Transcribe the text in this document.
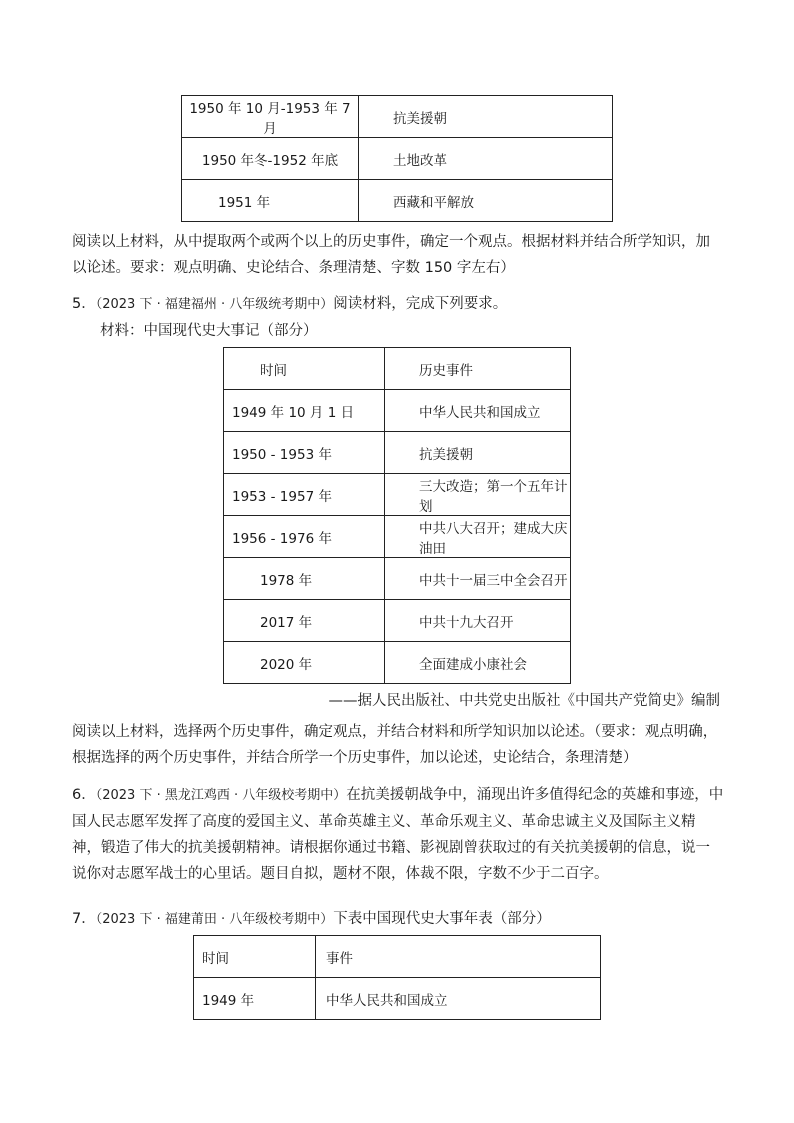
1950 年 10 月-1953 年 7 月	抗美援朝
1950 年冬-1952 年底	土地改革
1951 年	西藏和平解放

阅读以上材料，从中提取两个或两个以上的历史事件，确定一个观点。根据材料并结合所学知识，加以论述。要求：观点明确、史论结合、条理清楚、字数 150 字左右）

5．（2023 下 · 福建福州 · 八年级统考期中）阅读材料，完成下列要求。

材料：中国现代史大事记（部分）

时间	历史事件
1949 年 10 月 1 日	中华人民共和国成立
1950 - 1953 年	抗美援朝
1953 - 1957 年	三大改造；第一个五年计划
1956 - 1976 年	中共八大召开；建成大庆油田
1978 年	中共十一届三中全会召开
2017 年	中共十九大召开
2020 年	全面建成小康社会

——据人民出版社、中共党史出版社《中国共产党简史》编制

阅读以上材料，选择两个历史事件，确定观点，并结合材料和所学知识加以论述。（要求：观点明确，根据选择的两个历史事件，并结合所学一个历史事件，加以论述，史论结合，条理清楚）

6．（2023 下 · 黑龙江鸡西 · 八年级校考期中）在抗美援朝战争中，涌现出许多值得纪念的英雄和事迹，中国人民志愿军发挥了高度的爱国主义、革命英雄主义、革命乐观主义、革命忠诚主义及国际主义精神，锻造了伟大的抗美援朝精神。请根据你通过书籍、影视剧曾获取过的有关抗美援朝的信息，说一说你对志愿军战士的心里话。题目自拟，题材不限，体裁不限，字数不少于二百字。

7．（2023 下 · 福建莆田 · 八年级校考期中）下表中国现代史大事年表（部分）

时间	事件
1949 年	中华人民共和国成立
